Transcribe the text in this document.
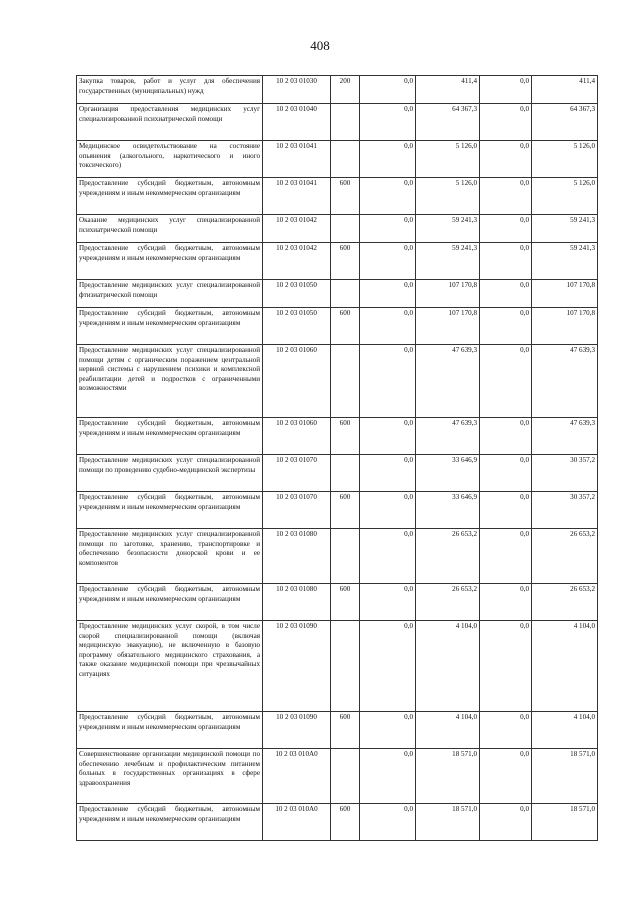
408
Закупка товаров, работ и услуг для обеспечения государственных (муниципальных) нужд	10 2 03 01030	200	0,0	411,4	0,0	411,4
Организация предоставления медицинских услуг специализированной психиатрической помощи	10 2 03 01040		0,0	64 367,3	0,0	64 367,3
Медицинское освидетельствование на состояние опьянения (алкогольного, наркотического и иного токсического)	10 2 03 01041		0,0	5 126,0	0,0	5 126,0
Предоставление субсидий бюджетным, автономным учреждениям и иным некоммерческим организациям	10 2 03 01041	600	0,0	5 126,0	0,0	5 126,0
Оказание медицинских услуг специализированной психиатрической помощи	10 2 03 01042		0,0	59 241,3	0,0	59 241,3
Предоставление субсидий бюджетным, автономным учреждениям и иным некоммерческим организациям	10 2 03 01042	600	0,0	59 241,3	0,0	59 241,3
Предоставление медицинских услуг специализированной фтизиатрической помощи	10 2 03 01050		0,0	107 170,8	0,0	107 170,8
Предоставление субсидий бюджетным, автономным учреждениям и иным некоммерческим организациям	10 2 03 01050	600	0,0	107 170,8	0,0	107 170,8
Предоставление медицинских услуг специализированной помощи детям с органическим поражением центральной нервной системы с нарушением психики и комплексной реабилитации детей и подростков с ограниченными возможностями	10 2 03 01060		0,0	47 639,3	0,0	47 639,3
Предоставление субсидий бюджетным, автономным учреждениям и иным некоммерческим организациям	10 2 03 01060	600	0,0	47 639,3	0,0	47 639,3
Предоставление медицинских услуг специализированной помощи по проведению судебно-медицинской экспертизы	10 2 03 01070		0,0	33 646,9	0,0	30 357,2
Предоставление субсидий бюджетным, автономным учреждениям и иным некоммерческим организациям	10 2 03 01070	600	0,0	33 646,9	0,0	30 357,2
Предоставление медицинских услуг специализированной помощи по заготовке, хранению, транспортировке и обеспечению безопасности донорской крови и ее компонентов	10 2 03 01080		0,0	26 653,2	0,0	26 653,2
Предоставление субсидий бюджетным, автономным учреждениям и иным некоммерческим организациям	10 2 03 01080	600	0,0	26 653,2	0,0	26 653,2
Предоставление медицинских услуг скорой, в том числе скорой специализированной помощи (включая медицинскую эвакуацию), не включенную в базовую программу обязательного медицинского страхования, а также оказание медицинской помощи при чрезвычайных ситуациях	10 2 03 01090		0,0	4 104,0	0,0	4 104,0
Предоставление субсидий бюджетным, автономным учреждениям и иным некоммерческим организациям	10 2 03 01090	600	0,0	4 104,0	0,0	4 104,0
Совершенствование организации медицинской помощи по обеспечению лечебным и профилактическим питанием больных в государственных организациях в сфере здравоохранения	10 2 03 010А0		0,0	18 571,0	0,0	18 571,0
Предоставление субсидий бюджетным, автономным учреждениям и иным некоммерческим организациям	10 2 03 010А0	600	0,0	18 571,0	0,0	18 571,0
